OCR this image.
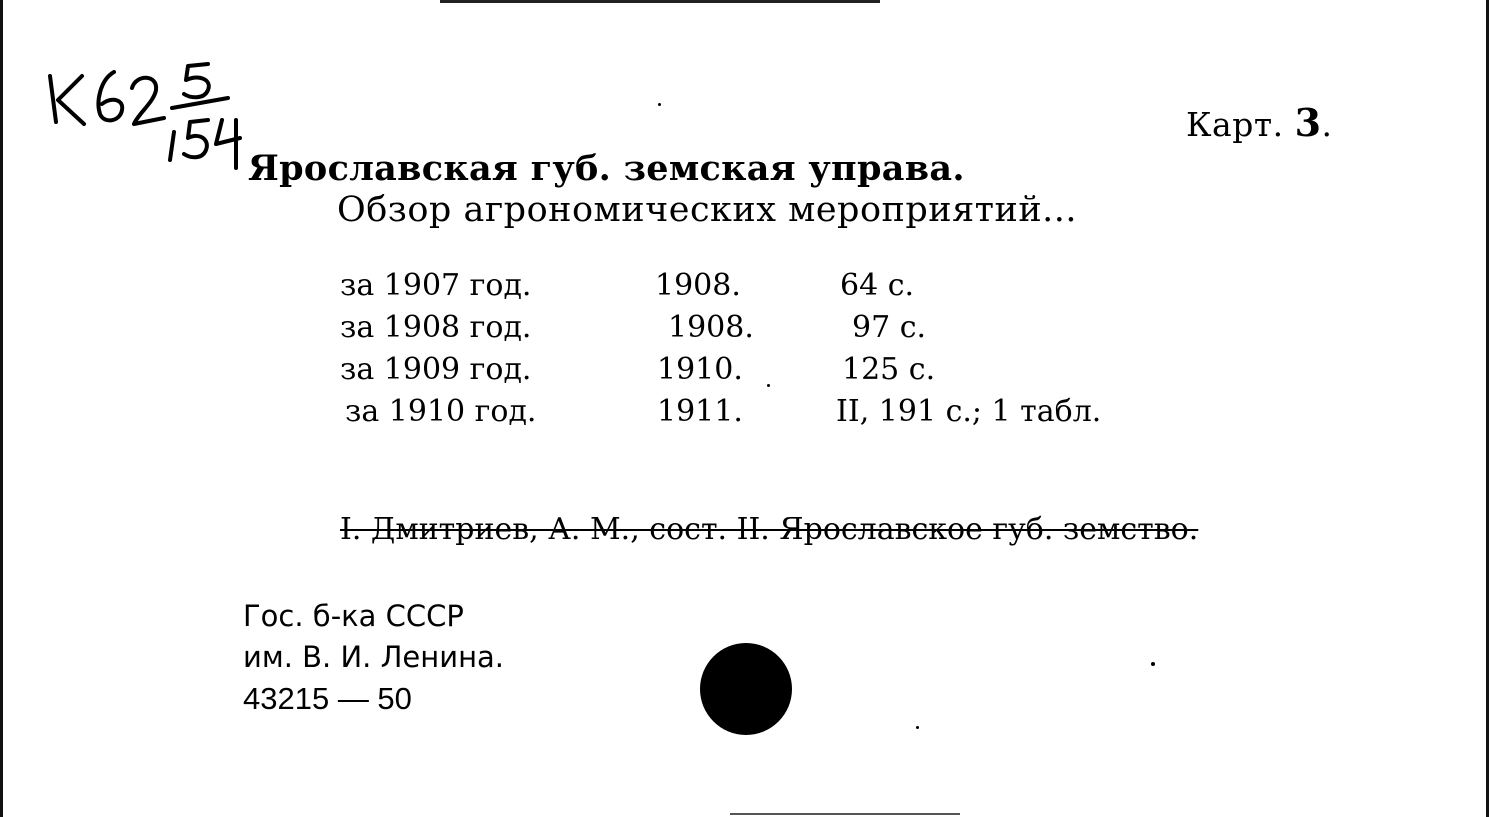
Карт. 3.
Ярославская губ. земская управа.
Обзор агрономических мероприятий...
за 1907 год.	1908.	64 с.
за 1908 год.	1908.	97 с.
за 1909 год.	1910.	125 с.
за 1910 год.	1911.	II, 191 с.; 1 табл.
I. Дмитриев, А. М., сост. II. Ярославское губ. земство.
Гос. б-ка СССР
им. В. И. Ленина.
43215 — 50
